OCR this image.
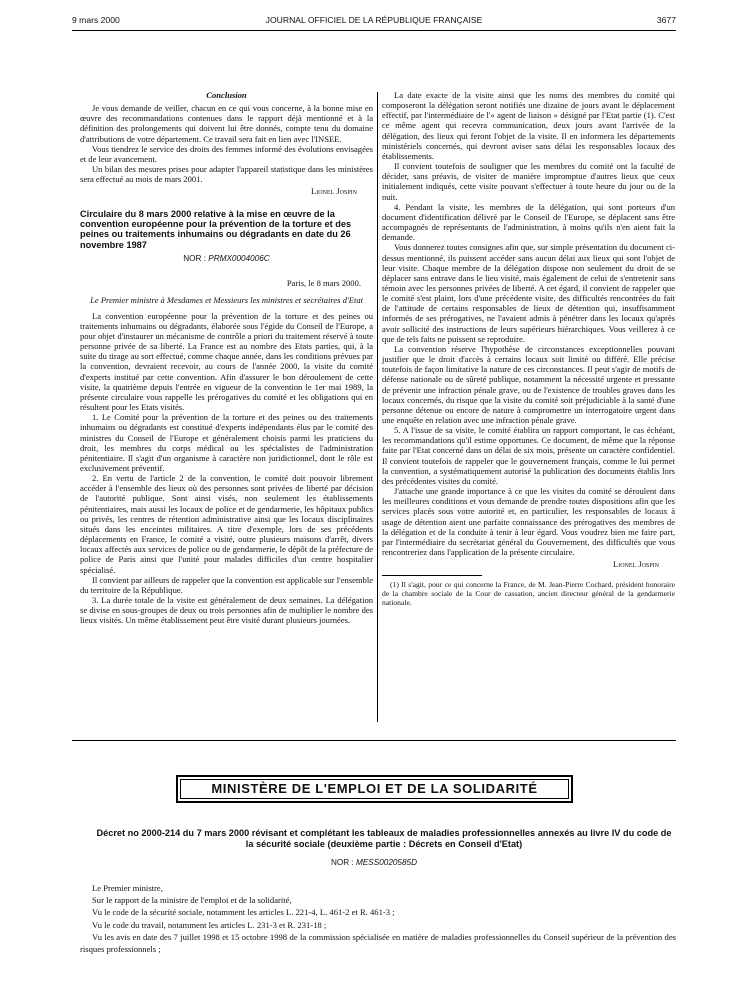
9 mars 2000	JOURNAL OFFICIEL DE LA RÉPUBLIQUE FRANÇAISE	3677
Conclusion

Je vous demande de veiller, chacun en ce qui vous concerne, à la bonne mise en œuvre des recommandations contenues dans le rapport déjà mentionné et à la définition des prolongements qui doivent lui être donnés, compte tenu du domaine d'attributions de votre département. Ce travail sera fait en lien avec l'INSEE.

Vous tiendrez le service des droits des femmes informé des évolutions envisagées et de leur avancement.

Un bilan des mesures prises pour adapter l'appareil statistique dans les ministères sera effectué au mois de mars 2001.

Lionel Jospin
Circulaire du 8 mars 2000 relative à la mise en œuvre de la convention européenne pour la prévention de la torture et des peines ou traitements inhumains ou dégradants en date du 26 novembre 1987
NOR : PRMX0004006C
Paris, le 8 mars 2000.
Le Premier ministre à Mesdames et Messieurs les ministres et secrétaires d'Etat

La convention européenne pour la prévention de la torture et des peines ou traitements inhumains ou dégradants, élaborée sous l'égide du Conseil de l'Europe, a pour objet d'instaurer un mécanisme de contrôle a priori du traitement réservé à toute personne privée de sa liberté. La France est au nombre des Etats parties, qui, à la suite du tirage au sort effectué, comme chaque année, dans les conditions prévues par la convention, devraient recevoir, au cours de l'année 2000, la visite du comité d'experts institué par cette convention. Afin d'assurer le bon déroulement de cette visite, la quatrième depuis l'entrée en vigueur de la convention le 1er mai 1989, la présente circulaire vous rappelle les prérogatives du comité et les obligations qui en résultent pour les Etats visités.

1. Le Comité pour la prévention de la torture et des peines ou des traitements inhumains ou dégradants est constitué d'experts indépendants élus par le comité des ministres du Conseil de l'Europe et généralement choisis parmi les praticiens du droit, les membres du corps médical ou les spécialistes de l'administration pénitentiaire. Il s'agit d'un organisme à caractère non juridictionnel, dont le rôle est exclusivement préventif.

2. En vertu de l'article 2 de la convention, le comité doit pouvoir librement accéder à l'ensemble des lieux où des personnes sont privées de liberté par décision de l'autorité publique. Sont ainsi visés, non seulement les établissements pénitentiaires, mais aussi les locaux de police et de gendarmerie, les hôpitaux publics ou privés, les centres de rétention administrative ainsi que les locaux disciplinaires situés dans les enceintes militaires. A titre d'exemple, lors de ses précédents déplacements en France, le comité a visité, outre plusieurs maisons d'arrêt, divers locaux affectés aux services de police ou de gendarmerie, le dépôt de la préfecture de police de Paris ainsi que l'unité pour malades difficiles d'un centre hospitalier spécialisé.

Il convient par ailleurs de rappeler que la convention est applicable sur l'ensemble du territoire de la République.

3. La durée totale de la visite est généralement de deux semaines. La délégation se divise en sous-groupes de deux ou trois personnes afin de multiplier le nombre des lieux visités. Un même établissement peut être visité durant plusieurs journées.

La date exacte de la visite ainsi que les noms des membres du comité qui composeront la délégation seront notifiés une dizaine de jours avant le déplacement effectif, par l'intermédiaire de l'« agent de liaison » désigné par l'Etat partie (1). C'est ce même agent qui recevra communication, deux jours avant l'arrivée de la délégation, des lieux qui feront l'objet de la visite. Il en informera les départements ministériels concernés, qui devront aviser sans délai les responsables locaux des établissements.

Il convient toutefois de souligner que les membres du comité ont la faculté de décider, sans préavis, de visiter de manière impromptue d'autres lieux que ceux initialement indiqués, cette visite pouvant s'effectuer à toute heure du jour ou de la nuit.

4. Pendant la visite, les membres de la délégation, qui sont porteurs d'un document d'identification délivré par le Conseil de l'Europe, se déplacent sans être accompagnés de représentants de l'administration, à moins qu'ils n'en aient fait la demande.

Vous donnerez toutes consignes afin que, sur simple présentation du document ci-dessus mentionné, ils puissent accéder sans aucun délai aux lieux qui sont l'objet de leur visite. Chaque membre de la délégation dispose non seulement du droit de se déplacer sans entrave dans le lieu visité, mais également de celui de s'entretenir sans témoin avec les personnes privées de liberté. A cet égard, il convient de rappeler que le comité s'est plaint, lors d'une précédente visite, des difficultés rencontrées du fait de l'attitude de certains responsables de lieux de détention qui, insuffisamment informés de ses prérogatives, ne l'avaient admis à pénétrer dans les locaux qu'après avoir sollicité des instructions de leurs supérieurs hiérarchiques. Vous veillerez à ce que de tels faits ne puissent se reproduire.

La convention réserve l'hypothèse de circonstances exceptionnelles pouvant justifier que le droit d'accès à certains locaux soit limité ou différé. Elle précise toutefois de façon limitative la nature de ces circonstances. Il peut s'agir de motifs de défense nationale ou de sûreté publique, notamment la nécessité urgente et pressante de prévenir une infraction pénale grave, ou de l'existence de troubles graves dans les locaux concernés, du risque que la visite du comité soit préjudiciable à la santé d'une personne détenue ou encore de nature à compromettre un interrogatoire urgent dans une enquête en relation avec une infraction pénale grave.

5. A l'issue de sa visite, le comité établira un rapport comportant, le cas échéant, les recommandations qu'il estime opportunes. Ce document, de même que la réponse faite par l'Etat concerné dans un délai de six mois, présente un caractère confidentiel. Il convient toutefois de rappeler que le gouvernement français, comme le lui permet la convention, a systématiquement autorisé la publication des documents établis lors des précédentes visites du comité.

J'attache une grande importance à ce que les visites du comité se déroulent dans les meilleures conditions et vous demande de prendre toutes dispositions afin que les services placés sous votre autorité et, en particulier, les responsables de locaux à usage de détention aient une parfaite connaissance des prérogatives des membres de la délégation et de la conduite à tenir à leur égard. Vous voudrez bien me faire part, par l'intermédiaire du secrétariat général du Gouvernement, des difficultés que vous rencontreriez dans l'application de la présente circulaire.

Lionel Jospin
(1) Il s'agit, pour ce qui concerne la France, de M. Jean-Pierre Cochard, président honoraire de la chambre sociale de la Cour de cassation, ancien directeur général de la gendarmerie nationale.
MINISTÈRE DE L'EMPLOI ET DE LA SOLIDARITÉ
Décret no 2000-214 du 7 mars 2000 révisant et complétant les tableaux de maladies professionnelles annexés au livre IV du code de la sécurité sociale (deuxième partie : Décrets en Conseil d'Etat)
NOR : MESS0020585D

Le Premier ministre,

Sur le rapport de la ministre de l'emploi et de la solidarité,

Vu le code de la sécurité sociale, notamment les articles L. 221-4, L. 461-2 et R. 461-3 ;

Vu le code du travail, notamment les articles L. 231-3 et R. 231-18 ;

Vu les avis en date des 7 juillet 1998 et 15 octobre 1998 de la commission spécialisée en matière de maladies professionnelles du Conseil supérieur de la prévention des risques professionnels ;
